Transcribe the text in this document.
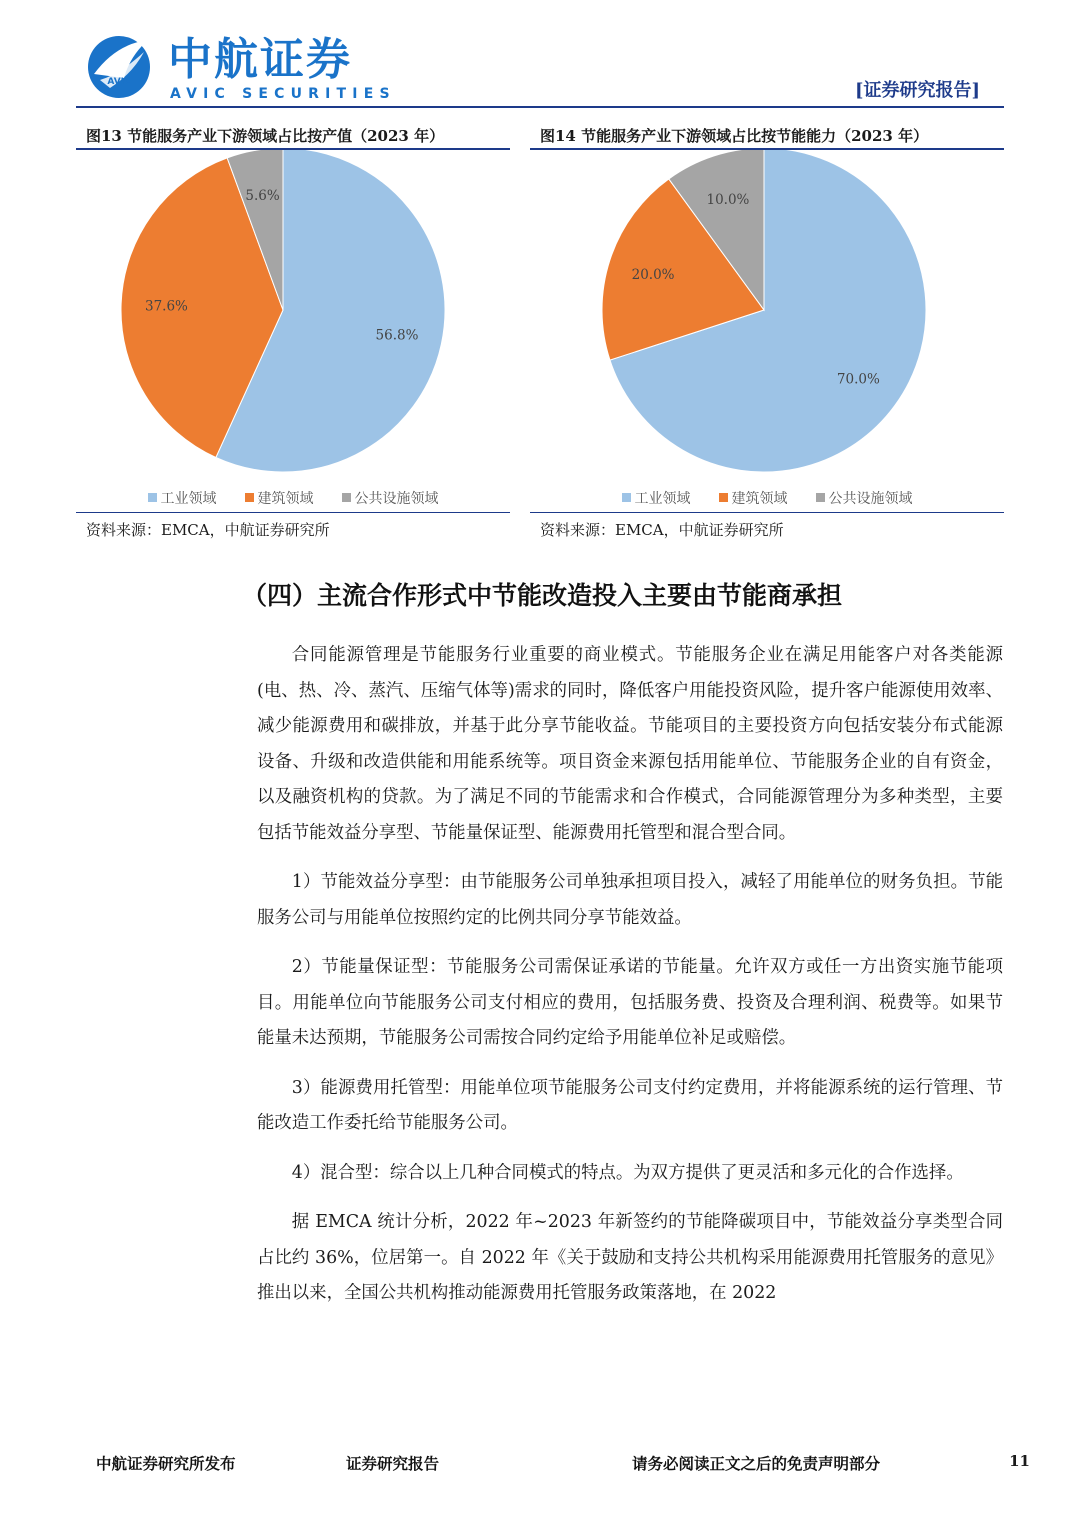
AVIC 中航证券
AVIC SECURITIES	[证券研究报告]
图13 节能服务产业下游领域占比按产值（2023 年）
56.8%
37.6%
5.6%
工业领域	建筑领域	公共设施领域
资料来源：EMCA，中航证券研究所
图14 节能服务产业下游领域占比按节能能力（2023 年）
70.0%
20.0%
10.0%
工业领域	建筑领域	公共设施领域
资料来源：EMCA，中航证券研究所
（四）主流合作形式中节能改造投入主要由节能商承担

合同能源管理是节能服务行业重要的商业模式。节能服务企业在满足用能客户对各类能源(电、热、冷、蒸汽、压缩气体等)需求的同时，降低客户用能投资风险，提升客户能源使用效率、减少能源费用和碳排放，并基于此分享节能收益。节能项目的主要投资方向包括安装分布式能源设备、升级和改造供能和用能系统等。项目资金来源包括用能单位、节能服务企业的自有资金，以及融资机构的贷款。为了满足不同的节能需求和合作模式，合同能源管理分为多种类型，主要包括节能效益分享型、节能量保证型、能源费用托管型和混合型合同。

1）节能效益分享型：由节能服务公司单独承担项目投入，减轻了用能单位的财务负担。节能服务公司与用能单位按照约定的比例共同分享节能效益。

2）节能量保证型：节能服务公司需保证承诺的节能量。允许双方或任一方出资实施节能项目。用能单位向节能服务公司支付相应的费用，包括服务费、投资及合理利润、税费等。如果节能量未达预期，节能服务公司需按合同约定给予用能单位补足或赔偿。

3）能源费用托管型：用能单位项节能服务公司支付约定费用，并将能源系统的运行管理、节能改造工作委托给节能服务公司。

4）混合型：综合以上几种合同模式的特点。为双方提供了更灵活和多元化的合作选择。

据 EMCA 统计分析，2022 年~2023 年新签约的节能降碳项目中，节能效益分享类型合同占比约 36%，位居第一。自 2022 年《关于鼓励和支持公共机构采用能源费用托管服务的意见》推出以来，全国公共机构推动能源费用托管服务政策落地，在 2022

中航证券研究所发布	证券研究报告	请务必阅读正文之后的免责声明部分	11
